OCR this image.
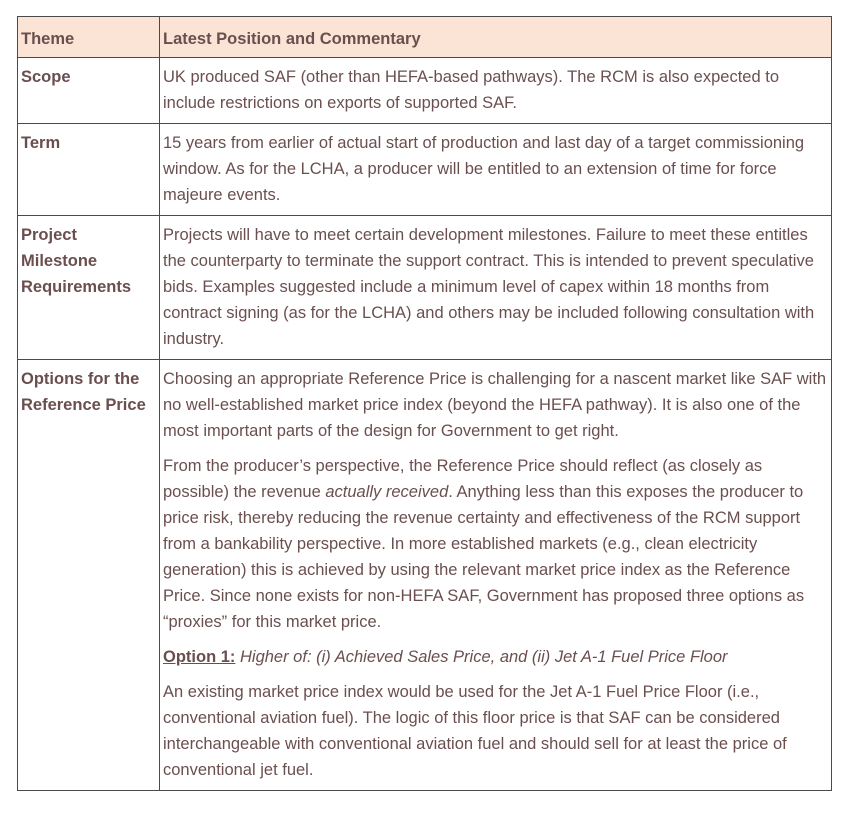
Theme	Latest Position and Commentary
Scope	UK produced SAF (other than HEFA-based pathways). The RCM is also expected to include restrictions on exports of supported SAF.

Term	15 years from earlier of actual start of production and last day of a target commissioning window. As for the LCHA, a producer will be entitled to an extension of time for force majeure events.

Project Milestone Requirements	Projects will have to meet certain development milestones. Failure to meet these entitles the counterparty to terminate the support contract. This is intended to prevent speculative bids. Examples suggested include a minimum level of capex within 18 months from contract signing (as for the LCHA) and others may be included following consultation with industry.

Options for the Reference Price	Choosing an appropriate Reference Price is challenging for a nascent market like SAF with no well-established market price index (beyond the HEFA pathway). It is also one of the most important parts of the design for Government to get right.

From the producer’s perspective, the Reference Price should reflect (as closely as possible) the revenue actually received. Anything less than this exposes the producer to price risk, thereby reducing the revenue certainty and effectiveness of the RCM support from a bankability perspective. In more established markets (e.g., clean electricity generation) this is achieved by using the relevant market price index as the Reference Price. Since none exists for non-HEFA SAF, Government has proposed three options as “proxies” for this market price.

Option 1: Higher of: (i) Achieved Sales Price, and (ii) Jet A-1 Fuel Price Floor

An existing market price index would be used for the Jet A-1 Fuel Price Floor (i.e., conventional aviation fuel). The logic of this floor price is that SAF can be considered interchangeable with conventional aviation fuel and should sell for at least the price of conventional jet fuel.
